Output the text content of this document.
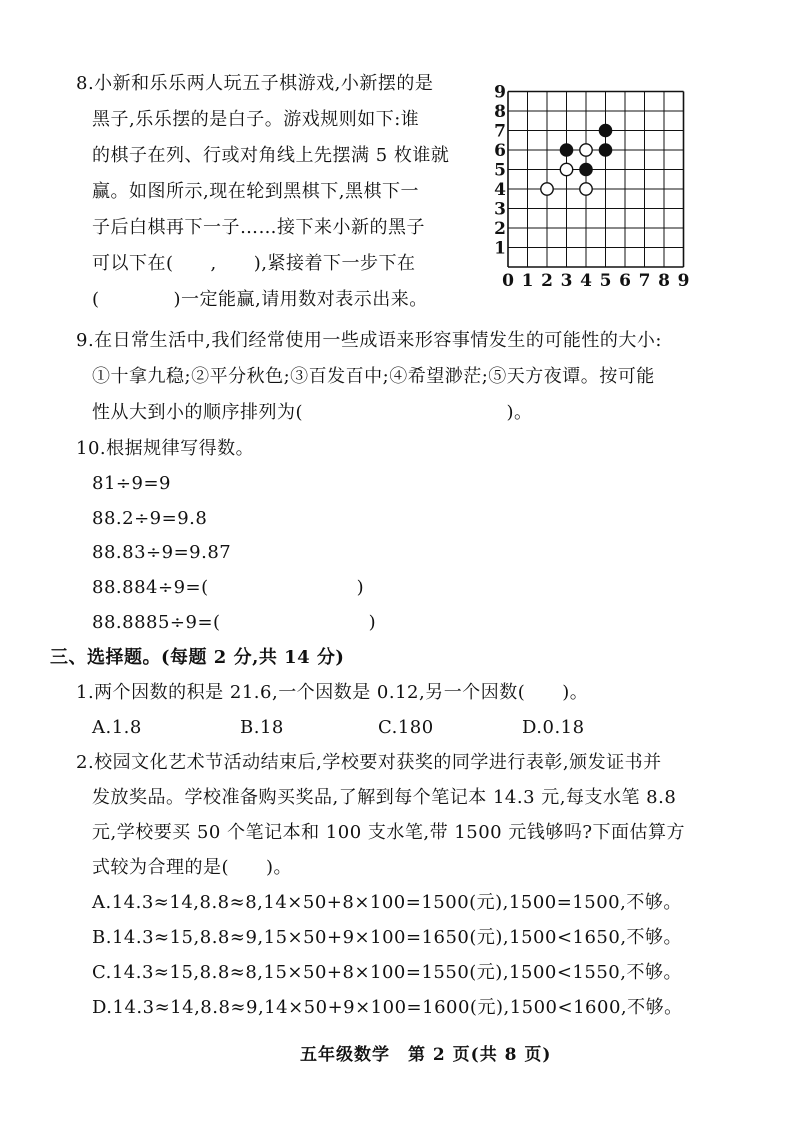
8.小新和乐乐两人玩五子棋游戏,小新摆的是
黑子,乐乐摆的是白子。游戏规则如下:谁
的棋子在列、行或对角线上先摆满 5 枚谁就
赢。如图所示,现在轮到黑棋下,黑棋下一
子后白棋再下一子……接下来小新的黑子
可以下在(　　,　　),紧接着下一步下在
(　　　　)一定能赢,请用数对表示出来。
0 1 2 3 4 5 6 7 8 9
1
2
3
4
5
6
7
8
9
9.在日常生活中,我们经常使用一些成语来形容事情发生的可能性的大小:
①十拿九稳;②平分秋色;③百发百中;④希望渺茫;⑤天方夜谭。按可能
性从大到小的顺序排列为(　　　　　　　　　　　)。
10.根据规律写得数。
81÷9=9
88.2÷9=9.8
88.83÷9=9.87
88.884÷9=(　　　　　　　　)
88.8885÷9=(　　　　　　　　)
三、选择题。(每题 2 分,共 14 分)
1.两个因数的积是 21.6,一个因数是 0.12,另一个因数(　　)。
A.1.8	B.18	C.180	D.0.18
2.校园文化艺术节活动结束后,学校要对获奖的同学进行表彰,颁发证书并
发放奖品。学校准备购买奖品,了解到每个笔记本 14.3 元,每支水笔 8.8
元,学校要买 50 个笔记本和 100 支水笔,带 1500 元钱够吗?下面估算方
式较为合理的是(　　)。
A.14.3≈14,8.8≈8,14×50+8×100=1500(元),1500=1500,不够。
B.14.3≈15,8.8≈9,15×50+9×100=1650(元),1500<1650,不够。
C.14.3≈15,8.8≈8,15×50+8×100=1550(元),1500<1550,不够。
D.14.3≈14,8.8≈9,14×50+9×100=1600(元),1500<1600,不够。
五年级数学　第 2 页(共 8 页)
